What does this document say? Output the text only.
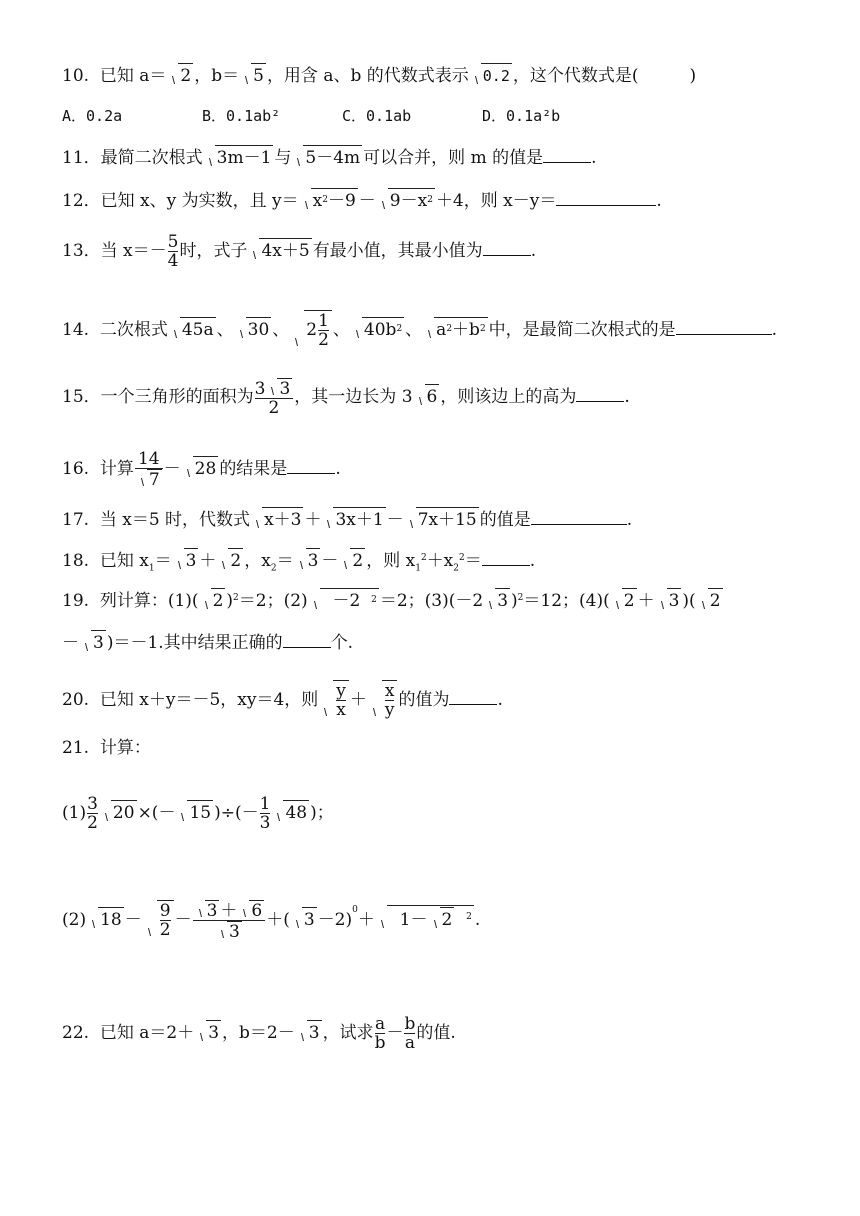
10.  已知 a＝ 2 ，b＝ 5 ，用含 a、b 的代数式表示 0.2 ，这个代数式是(　　　)
A．0.2a	B．0.1ab²	C．0.1ab	D．0.1a²b
11．最简二次根式 3m－1 与 5－4m 可以合并，则 m 的值是	.
12．已知 x、y 为实数，且 $y= x^2-9 - 9-x^2 +4$，则 x－y＝	.
13．当 $x=- \frac{5}{4}$ 时，式子 4x＋5 有最小值，其最小值为	.
14.  二次根式 45a 、 30 、 $2 \frac{1}{2}$ 、 $40b^2$ 、 $a^2+b^2$ 中，是最简二次根式的是	.
15．一个三角形的面积为 $\frac{3 3}{2}$ ，其一边长为 3 6 ，则该边上的高为	.
16.  计算 $\frac{14}{7} - 28$ 的结果是	.
17.  当 x＝5 时，代数式 x＋3 ＋ 3x＋1 － 7x＋15 的值是	.
18.  已知 $x_1= 3 + 2$ ，$x_2= 3 - 2$ ，则 $x_1^2+x_2^2=$	.
19.  列计算：(1)( 2 )$^2$＝2；(2)  －2  $^2$ ＝2；(3)(－2 3 )$^2$＝12；(4)( 2 ＋ 3 )( 2
－ 3 )＝－1.其中结果正确的	个.
20.  已知 x＋y＝－5，xy＝4，则 $\frac{y}{x} + \frac{x}{y}$ 的值为	.
21.  计算：
$(1) \frac{3}{2} 20$ ×(－ 15 )÷(－ $\frac{1}{3} 48$ )；
(2) $18 - \frac{9}{2} - \frac{3 + 6}{3}$ ＋( 3 －2)$^0$＋  1－ 2 $^2$ .
22.  已知 a＝2＋ 3 ，b＝2－ 3 ，试求 $\frac{a}{b} - \frac{b}{a}$ 的值.
